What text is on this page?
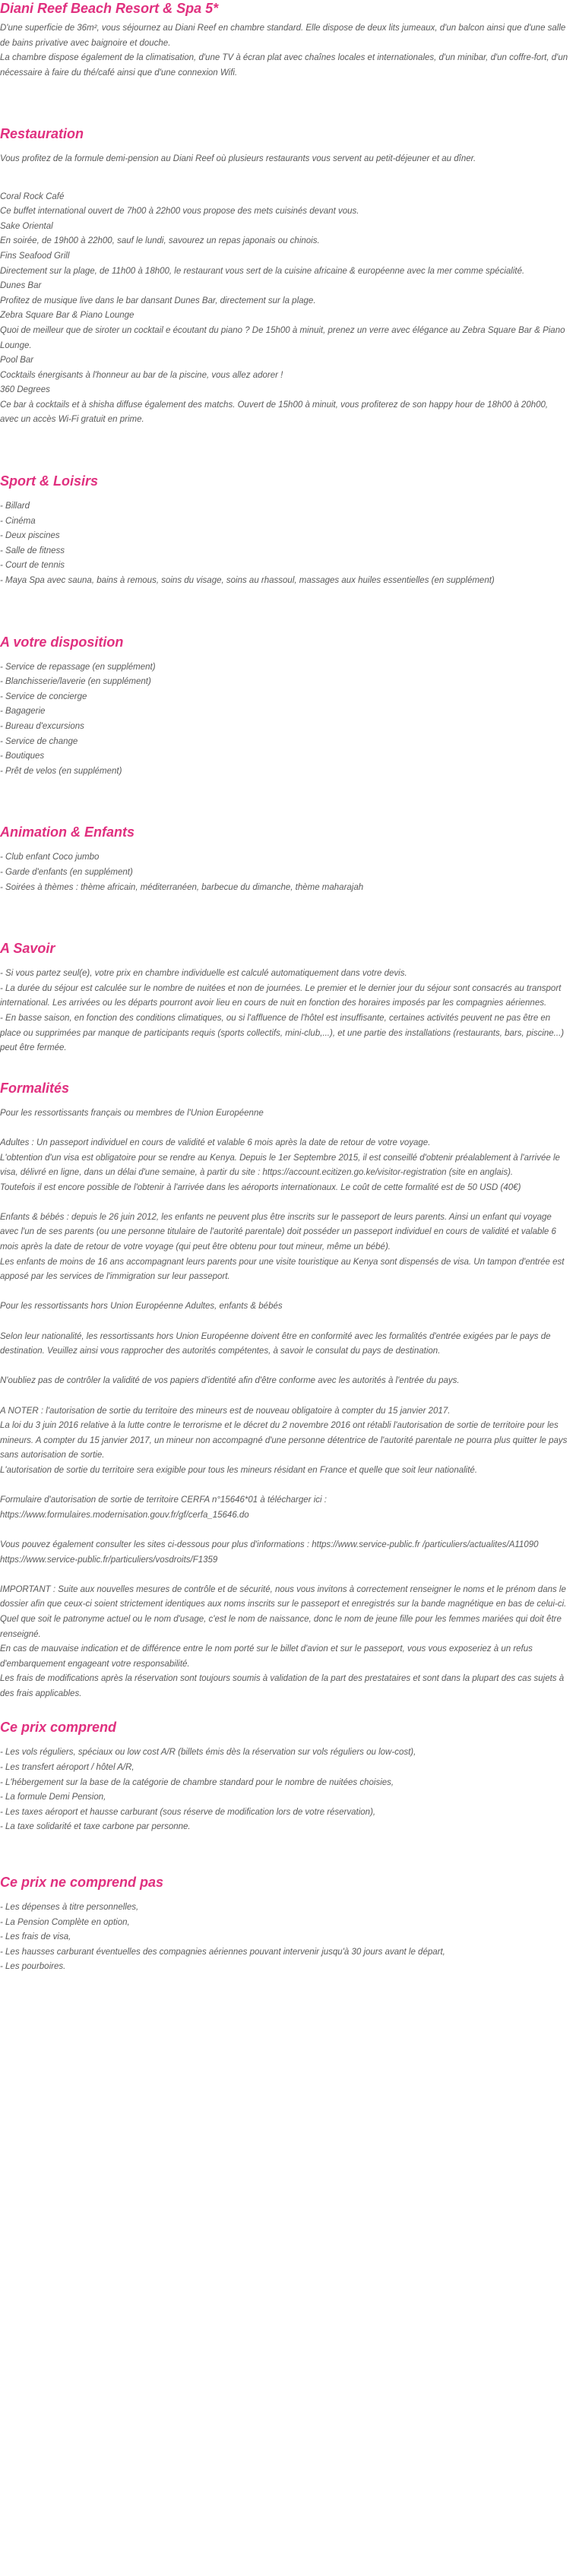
Diani Reef Beach Resort & Spa 5*
D'une superficie de 36m², vous séjournez au Diani Reef en chambre standard. Elle dispose de deux lits jumeaux, d'un balcon ainsi que d'une salle de bains privative avec baignoire et douche.
La chambre dispose également de la climatisation, d'une TV à écran plat avec chaînes locales et internationales, d'un minibar, d'un coffre-fort, d'un nécessaire à faire du thé/café ainsi que d'une connexion Wifi.
Restauration
Vous profitez de la formule demi-pension au Diani Reef où plusieurs restaurants vous servent au petit-déjeuner et au dîner.
Coral Rock Café
Ce buffet international ouvert de 7h00 à 22h00 vous propose des mets cuisinés devant vous.
Sake Oriental
En soirée, de 19h00 à 22h00, sauf le lundi, savourez un repas japonais ou chinois.
Fins Seafood Grill
Directement sur la plage, de 11h00 à 18h00, le restaurant vous sert de la cuisine africaine & européenne avec la mer comme spécialité.
Dunes Bar
Profitez de musique live dans le bar dansant Dunes Bar, directement sur la plage.
Zebra Square Bar & Piano Lounge
Quoi de meilleur que de siroter un cocktail e écoutant du piano ? De 15h00 à minuit, prenez un verre avec élégance au Zebra Square Bar & Piano Lounge.
Pool Bar
Cocktails énergisants à l'honneur au bar de la piscine, vous allez adorer !
360 Degrees
Ce bar à cocktails et à shisha diffuse également des matchs. Ouvert de 15h00 à minuit, vous profiterez de son happy hour de 18h00 à 20h00, avec un accès Wi-Fi gratuit en prime.
Sport & Loisirs
- Billard
- Cinéma
- Deux piscines
- Salle de fitness
- Court de tennis
- Maya Spa avec sauna, bains à remous, soins du visage, soins au rhassoul, massages aux huiles essentielles (en supplément)
A votre disposition
- Service de repassage (en supplément)
- Blanchisserie/laverie (en supplément)
- Service de concierge
- Bagagerie
- Bureau d'excursions
- Service de change
- Boutiques
- Prêt de velos (en supplément)
Animation & Enfants
- Club enfant Coco jumbo
- Garde d'enfants (en supplément)
- Soirées à thèmes : thème africain, méditerranéen, barbecue du dimanche, thème maharajah
A Savoir
- Si vous partez seul(e), votre prix en chambre individuelle est calculé automatiquement dans votre devis.
- La durée du séjour est calculée sur le nombre de nuitées et non de journées. Le premier et le dernier jour du séjour sont consacrés au transport international. Les arrivées ou les départs pourront avoir lieu en cours de nuit en fonction des horaires imposés par les compagnies aériennes.
- En basse saison, en fonction des conditions climatiques, ou si l'affluence de l'hôtel est insuffisante, certaines activités peuvent ne pas être en place ou supprimées par manque de participants requis (sports collectifs, mini-club,...), et une partie des installations (restaurants, bars, piscine...) peut être fermée.
Formalités
Pour les ressortissants français ou membres de l'Union Européenne
Adultes : Un passeport individuel en cours de validité et valable 6 mois après la date de retour de votre voyage.
L'obtention d'un visa est obligatoire pour se rendre au Kenya. Depuis le 1er Septembre 2015, il est conseillé d'obtenir préalablement à l'arrivée le visa, délivré en ligne, dans un délai d'une semaine, à partir du site : https://account.ecitizen.go.ke/visitor-registration (site en anglais).
Toutefois il est encore possible de l'obtenir à l'arrivée dans les aéroports internationaux. Le coût de cette formalité est de 50 USD (40€)
Enfants & bébés : depuis le 26 juin 2012, les enfants ne peuvent plus être inscrits sur le passeport de leurs parents. Ainsi un enfant qui voyage avec l'un de ses parents (ou une personne titulaire de l'autorité parentale) doit posséder un passeport individuel en cours de validité et valable 6 mois après la date de retour de votre voyage (qui peut être obtenu pour tout mineur, même un bébé).
Les enfants de moins de 16 ans accompagnant leurs parents pour une visite touristique au Kenya sont dispensés de visa. Un tampon d'entrée est apposé par les services de l'immigration sur leur passeport.
Pour les ressortissants hors Union Européenne Adultes, enfants & bébés
Selon leur nationalité, les ressortissants hors Union Européenne doivent être en conformité avec les formalités d'entrée exigées par le pays de destination. Veuillez ainsi vous rapprocher des autorités compétentes, à savoir le consulat du pays de destination.
N'oubliez pas de contrôler la validité de vos papiers d'identité afin d'être conforme avec les autorités à l'entrée du pays.
A NOTER : l'autorisation de sortie du territoire des mineurs est de nouveau obligatoire à compter du 15 janvier 2017.
La loi du 3 juin 2016 relative à la lutte contre le terrorisme et le décret du 2 novembre 2016 ont rétabli l'autorisation de sortie de territoire pour les mineurs. A compter du 15 janvier 2017, un mineur non accompagné d'une personne détentrice de l'autorité parentale ne pourra plus quitter le pays sans autorisation de sortie.
L'autorisation de sortie du territoire sera exigible pour tous les mineurs résidant en France et quelle que soit leur nationalité.
Formulaire d'autorisation de sortie de territoire CERFA n°15646*01 à télécharger ici :
https://www.formulaires.modernisation.gouv.fr/gf/cerfa_15646.do
Vous pouvez également consulter les sites ci-dessous pour plus d'informations : https://www.service-public.fr /particuliers/actualites/A11090 https://www.service-public.fr/particuliers/vosdroits/F1359
IMPORTANT : Suite aux nouvelles mesures de contrôle et de sécurité, nous vous invitons à correctement renseigner le noms et le prénom dans le dossier afin que ceux-ci soient strictement identiques aux noms inscrits sur le passeport et enregistrés sur la bande magnétique en bas de celui-ci. Quel que soit le patronyme actuel ou le nom d'usage, c'est le nom de naissance, donc le nom de jeune fille pour les femmes mariées qui doit être renseigné.
En cas de mauvaise indication et de différence entre le nom porté sur le billet d'avion et sur le passeport, vous vous exposeriez à un refus d'embarquement engageant votre responsabilité.
Les frais de modifications après la réservation sont toujours soumis à validation de la part des prestataires et sont dans la plupart des cas sujets à des frais applicables.
Ce prix comprend
- Les vols réguliers, spéciaux ou low cost A/R (billets émis dès la réservation sur vols réguliers ou low-cost),
- Les transfert aéroport / hôtel A/R,
- L'hébergement sur la base de la catégorie de chambre standard pour le nombre de nuitées choisies,
- La formule Demi Pension,
- Les taxes aéroport et hausse carburant (sous réserve de modification lors de votre réservation),
- La taxe solidarité et taxe carbone par personne.
Ce prix ne comprend pas
- Les dépenses à titre personnelles,
- La Pension Complète en option,
- Les frais de visa,
- Les hausses carburant éventuelles des compagnies aériennes pouvant intervenir jusqu'à 30 jours avant le départ,
- Les pourboires.
